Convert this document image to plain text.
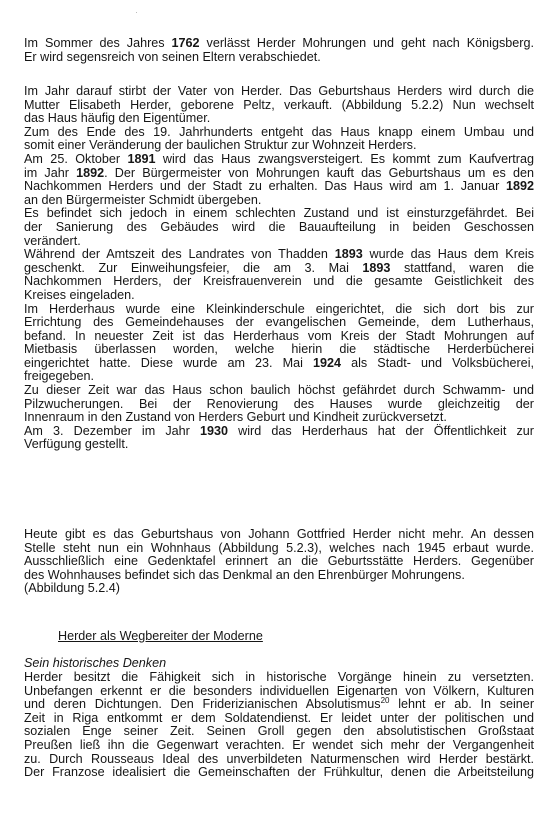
Im Sommer des Jahres 1762 verlässt Herder Mohrungen und geht nach Königsberg.
Er wird segensreich von seinen Eltern verabschiedet.
Im Jahr darauf stirbt der Vater von Herder. Das Geburtshaus Herders wird durch die
Mutter Elisabeth Herder, geborene Peltz, verkauft. (Abbildung 5.2.2) Nun wechselt
das Haus häufig den Eigentümer.
Zum des Ende des 19. Jahrhunderts entgeht das Haus knapp einem Umbau und
somit einer Veränderung der baulichen Struktur zur Wohnzeit Herders.
Am 25. Oktober 1891 wird das Haus zwangsversteigert. Es kommt zum Kaufvertrag
im Jahr 1892. Der Bürgermeister von Mohrungen kauft das Geburtshaus um es den
Nachkommen Herders und der Stadt zu erhalten. Das Haus wird am 1. Januar 1892
an den Bürgermeister Schmidt übergeben.
Es befindet sich jedoch in einem schlechten Zustand und ist einsturzgefährdet. Bei
der Sanierung des Gebäudes wird die Bauaufteilung in beiden Geschossen
verändert.
Während der Amtszeit des Landrates von Thadden 1893 wurde das Haus dem Kreis
geschenkt. Zur Einweihungsfeier, die am 3. Mai 1893 stattfand, waren die
Nachkommen Herders, der Kreisfrauenverein und die gesamte Geistlichkeit des
Kreises eingeladen.
Im Herderhaus wurde eine Kleinkinderschule eingerichtet, die sich dort bis zur
Errichtung des Gemeindehauses der evangelischen Gemeinde, dem Lutherhaus,
befand. In neuester Zeit ist das Herderhaus vom Kreis der Stadt Mohrungen auf
Mietbasis überlassen worden, welche hierin die städtische Herderbücherei
eingerichtet hatte. Diese wurde am 23. Mai 1924 als Stadt- und Volksbücherei,
freigegeben.
Zu dieser Zeit war das Haus schon baulich höchst gefährdet durch Schwamm- und
Pilzwucherungen. Bei der Renovierung des Hauses wurde gleichzeitig der
Innenraum in den Zustand von Herders Geburt und Kindheit zurückversetzt.
Am 3. Dezember im Jahr 1930 wird das Herderhaus hat der Öffentlichkeit zur
Verfügung gestellt.
Heute gibt es das Geburtshaus von Johann Gottfried Herder nicht mehr. An dessen
Stelle steht nun ein Wohnhaus (Abbildung 5.2.3), welches nach 1945 erbaut wurde.
Ausschließlich eine Gedenktafel erinnert an die Geburtsstätte Herders. Gegenüber
des Wohnhauses befindet sich das Denkmal an den Ehrenbürger Mohrungens.
(Abbildung 5.2.4)
Herder als Wegbereiter der Moderne
Sein historisches Denken
Herder besitzt die Fähigkeit sich in historische Vorgänge hinein zu versetzten.
Unbefangen erkennt er die besonders individuellen Eigenarten von Völkern, Kulturen
und deren Dichtungen. Den Friderizianischen Absolutismus$^{20}$ lehnt er ab. In seiner
Zeit in Riga entkommt er dem Soldatendienst. Er leidet unter der politischen und
sozialen Enge seiner Zeit. Seinen Groll gegen den absolutistischen Großstaat
Preußen ließ ihn die Gegenwart verachten. Er wendet sich mehr der Vergangenheit
zu. Durch Rousseaus Ideal des unverbildeten Naturmenschen wird Herder bestärkt.
Der Franzose idealisiert die Gemeinschaften der Frühkultur, denen die Arbeitsteilung
